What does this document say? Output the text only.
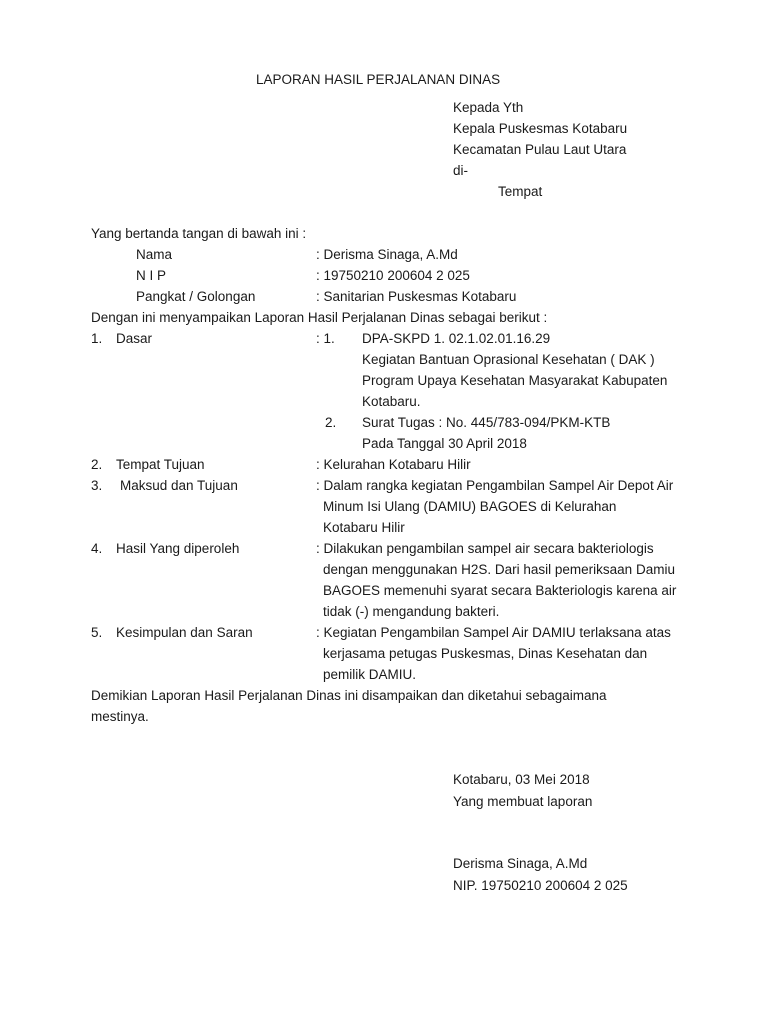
LAPORAN HASIL PERJALANAN DINAS
Kepada Yth
Kepala Puskesmas Kotabaru
Kecamatan Pulau Laut Utara
di-
Tempat
Yang bertanda tangan di bawah ini :
Nama	: Derisma Sinaga, A.Md
N I P	: 19750210 200604 2 025
Pangkat / Golongan	: Sanitarian Puskesmas Kotabaru
Dengan ini menyampaikan Laporan Hasil Perjalanan Dinas sebagai berikut :
1. Dasar	: 1. DPA-SKPD 1. 02.1.02.01.16.29
Kegiatan Bantuan Oprasional Kesehatan ( DAK )
Program Upaya Kesehatan Masyarakat Kabupaten
Kotabaru.
2. Surat Tugas : No. 445/783-094/PKM-KTB
Pada Tanggal 30 April 2018
2. Tempat Tujuan	: Kelurahan Kotabaru Hilir
3. Maksud dan Tujuan	: Dalam rangka kegiatan Pengambilan Sampel Air Depot Air
Minum Isi Ulang (DAMIU) BAGOES di Kelurahan
Kotabaru Hilir
4. Hasil Yang diperoleh	: Dilakukan pengambilan sampel air secara bakteriologis
dengan menggunakan H2S. Dari hasil pemeriksaan Damiu
BAGOES memenuhi syarat secara Bakteriologis karena air
tidak (-) mengandung bakteri.
5. Kesimpulan dan Saran	: Kegiatan Pengambilan Sampel Air DAMIU terlaksana atas
kerjasama petugas Puskesmas, Dinas Kesehatan dan
pemilik DAMIU.
Demikian Laporan Hasil Perjalanan Dinas ini disampaikan dan diketahui sebagaimana
mestinya.
Kotabaru, 03 Mei 2018
Yang membuat laporan
Derisma Sinaga, A.Md
NIP. 19750210 200604 2 025
